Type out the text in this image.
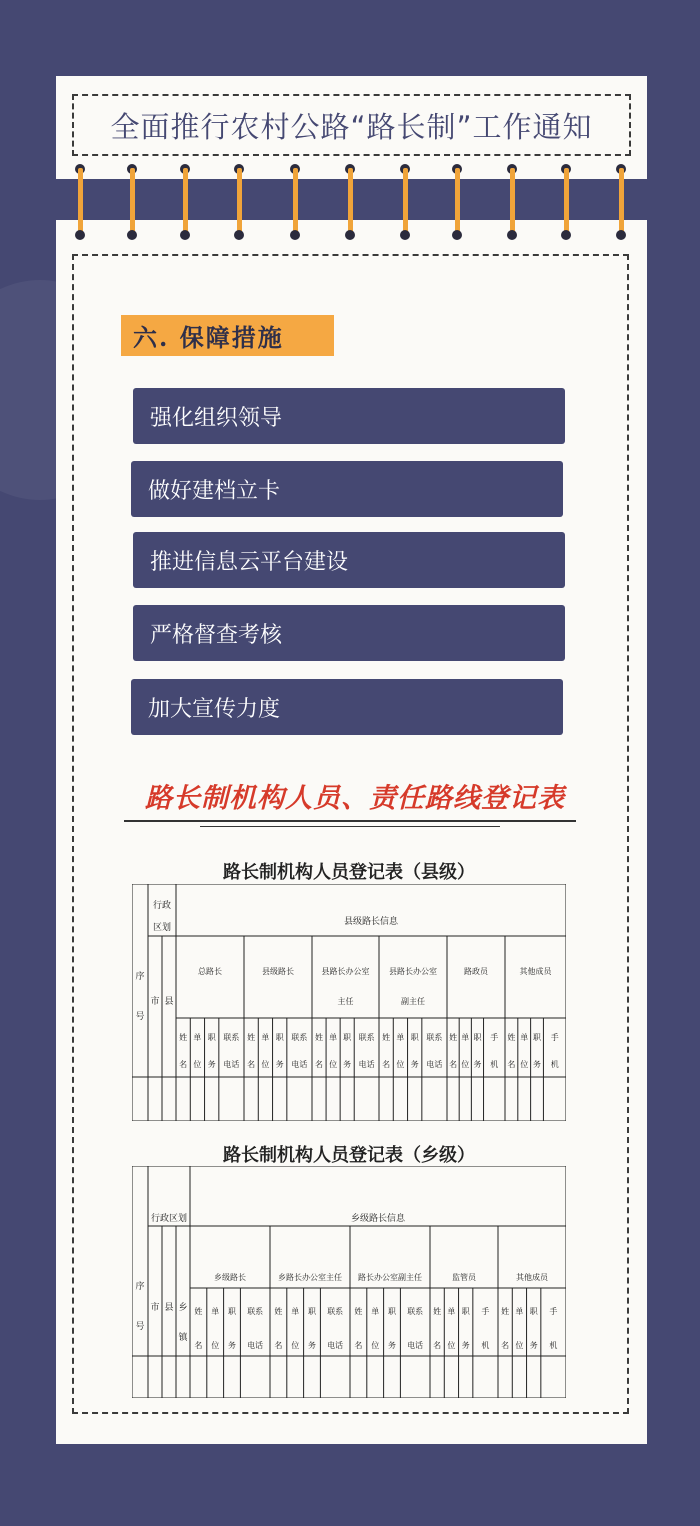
全面推行农村公路“路长制”工作通知
六. 保障措施
强化组织领导
做好建档立卡
推进信息云平台建设
严格督查考核
加大宣传力度
路长制机构人员、责任路线登记表
路长制机构人员登记表（县级）
行政
区划
县级路长信息
序
号
市 县
总路长
姓
名
单
位
职
务
联系
电话
县级路长
姓
名
单
位
职
务
联系
电话
县路长办公室
主任
姓
名
单
位
职
务
联系
电话
县路长办公室
副主任
姓
名
单
位
职
务
联系
电话
路政员
姓
名
单
位
职
务
手
机
其他成员
姓
名
单
位
职
务
手
机
路长制机构人员登记表（乡级）
行政区划	乡级路长信息
序
号
市 县 乡
镇
乡级路长
姓
名
单
位
职
务
联系
电话
乡路长办公室主任
姓
名
单
位
职
务
联系
电话
路长办公室副主任
姓
名
单
位
职
务
联系
电话
监管员
姓
名
单
位
职
务
手
机
其他成员
姓
名
单
位
职
务
手
机
